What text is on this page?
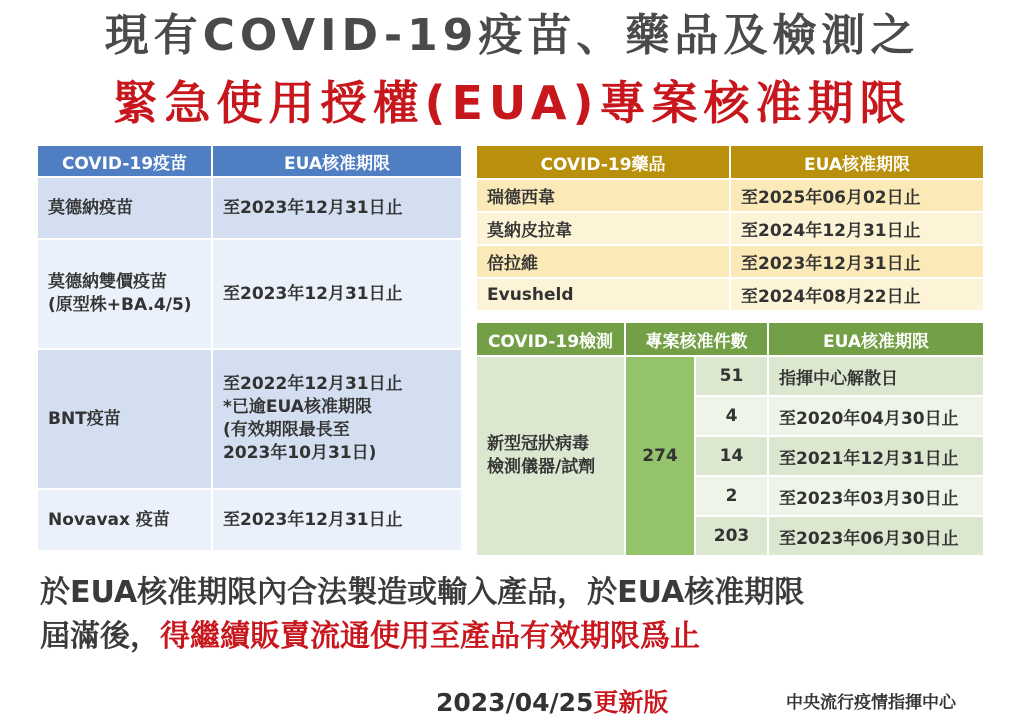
現有COVID-19疫苗、藥品及檢測之
緊急使用授權(EUA)專案核准期限
COVID-19疫苗	EUA核准期限

莫德納疫苗	至2023年12月31日止

莫德納雙價疫苗
(原型株+BA.4/5)	至2023年12月31日止

BNT疫苗	至2022年12月31日止
*已逾EUA核准期限
(有效期限最長至
2023年10月31日)

Novavax 疫苗	至2023年12月31日止
COVID-19藥品	EUA核准期限
瑞德西韋	至2025年06月02日止
莫納皮拉韋	至2024年12月31日止
倍拉維	至2023年12月31日止
Evusheld	至2024年08月22日止
COVID-19檢測	專案核准件數		EUA核准期限

新型冠狀病毒
檢測儀器/試劑	274	51	指揮中心解散日
		4	至2020年04月30日止
		14	至2021年12月31日止
		2	至2023年03月30日止
		203	至2023年06月30日止
於EUA核准期限內合法製造或輸入產品，於EUA核准期限
屆滿後，得繼續販賣流通使用至產品有效期限爲止
2023/04/25更新版	中央流行疫情指揮中心
